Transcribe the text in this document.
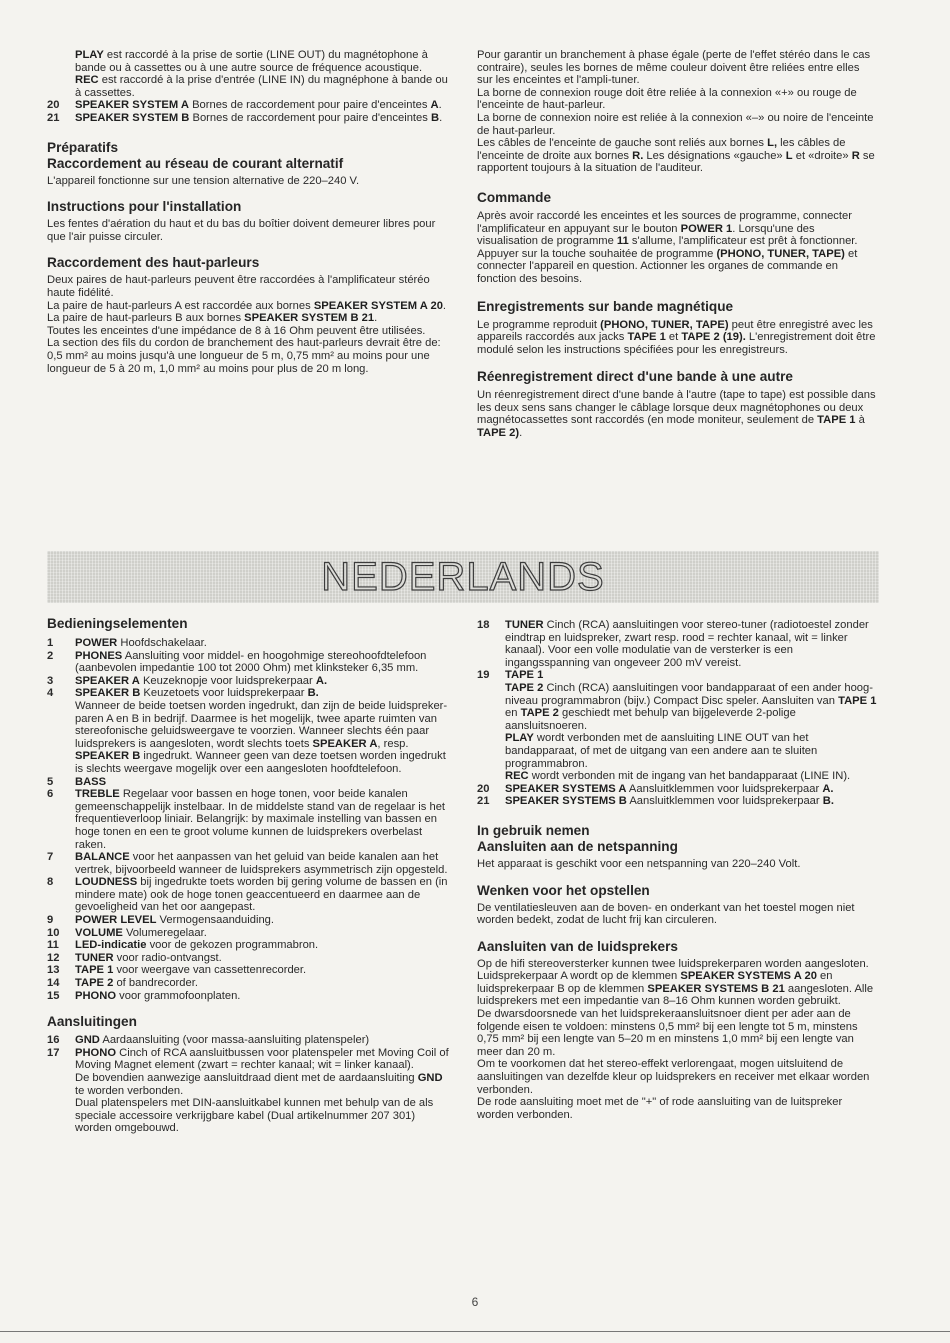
PLAY est raccordé à la prise de sortie (LINE OUT) du magnétophone à bande ou à cassettes ou à une autre source de fréquence acoustique.

REC est raccordé à la prise d'entrée (LINE IN) du magnéphone à bande ou à cassettes.

20	SPEAKER SYSTEM A Bornes de raccordement pour paire d'enceintes A.
21	SPEAKER SYSTEM B Bornes de raccordement pour paire d'enceintes B.

Préparatifs

Raccordement au réseau de courant alternatif

L'appareil fonctionne sur une tension alternative de 220–240 V.

Instructions pour l'installation

Les fentes d'aération du haut et du bas du boîtier doivent demeurer libres pour que l'air puisse circuler.

Raccordement des haut-parleurs

Deux paires de haut-parleurs peuvent être raccordées à l'amplificateur stéréo haute fidélité.

La paire de haut-parleurs A est raccordée aux bornes SPEAKER SYSTEM A 20.

La paire de haut-parleurs B aux bornes SPEAKER SYSTEM B 21.

Toutes les enceintes d'une impédance de 8 à 16 Ohm peuvent être utilisées.

La section des fils du cordon de branchement des haut-parleurs devrait être de: 0,5 mm² au moins jusqu'à une longueur de 5 m, 0,75 mm² au moins pour une longueur de 5 à 20 m, 1,0 mm² au moins pour plus de 20 m long.

Pour garantir un branchement à phase égale (perte de l'effet stéréo dans le cas contraire), seules les bornes de même couleur doivent être reliées entre elles sur les enceintes et l'ampli-tuner.

La borne de connexion rouge doit être reliée à la connexion «+» ou rouge de l'enceinte de haut-parleur.

La borne de connexion noire est reliée à la connexion «–» ou noire de l'enceinte de haut-parleur.

Les câbles de l'enceinte de gauche sont reliés aux bornes L, les câbles de l'enceinte de droite aux bornes R. Les désignations «gauche» L et «droite» R se rapportent toujours à la situation de l'auditeur.

Commande

Après avoir raccordé les enceintes et les sources de programme, connecter l'amplificateur en appuyant sur le bouton POWER 1. Lorsqu'une des visualisation de programme 11 s'allume, l'amplificateur est prêt à fonctionner. Appuyer sur la touche souhaitée de programme (PHONO, TUNER, TAPE) et connecter l'appareil en question. Actionner les organes de commande en fonction des besoins.

Enregistrements sur bande magnétique

Le programme reproduit (PHONO, TUNER, TAPE) peut être enregistré avec les appareils raccordés aux jacks TAPE 1 et TAPE 2 (19). L'enregistrement doit être modulé selon les instructions spécifiées pour les enregistreurs.

Réenregistrement direct d'une bande à une autre

Un réenregistrement direct d'une bande à l'autre (tape to tape) est possible dans les deux sens sans changer le câblage lorsque deux magnétophones ou deux magnétocassettes sont raccordés (en mode moniteur, seulement de TAPE 1 à TAPE 2).

NEDERLANDS

Bedieningselementen

1	POWER Hoofdschakelaar.
2	PHONES Aansluiting voor middel- en hoogohmige stereohoofdtelefoon (aanbevolen impedantie 100 tot 2000 Ohm) met klinksteker 6,35 mm.
3	SPEAKER A Keuzeknopje voor luidsprekerpaar A.
4	SPEAKER B Keuzetoets voor luidsprekerpaar B.

Wanneer de beide toetsen worden ingedrukt, dan zijn de beide luidspreker-paren A en B in bedrijf. Daarmee is het mogelijk, twee aparte ruimten van stereofonische geluidsweergave te voorzien. Wanneer slechts één paar luidsprekers is aangesloten, wordt slechts toets SPEAKER A, resp. SPEAKER B ingedrukt. Wanneer geen van deze toetsen worden ingedrukt is slechts weergave mogelijk over een aangesloten hoofdtelefoon.

5	BASS
6	TREBLE Regelaar voor bassen en hoge tonen, voor beide kanalen gemeenschappelijk instelbaar. In de middelste stand van de regelaar is het frequentieverloop liniair. Belangrijk: by maximale instelling van bassen en hoge tonen en een te groot volume kunnen de luidsprekers overbelast raken.
7	BALANCE voor het aanpassen van het geluid van beide kanalen aan het vertrek, bijvoorbeeld wanneer de luidsprekers asymmetrisch zijn opgesteld.
8	LOUDNESS bij ingedrukte toets worden bij gering volume de bassen en (in mindere mate) ook de hoge tonen geaccentueerd en daarmee aan de gevoeligheid van het oor aangepast.
9	POWER LEVEL Vermogensaanduiding.
10	VOLUME Volumeregelaar.
11	LED-indicatie voor de gekozen programmabron.
12	TUNER voor radio-ontvangst.
13	TAPE 1 voor weergave van cassettenrecorder.
14	TAPE 2 of bandrecorder.
15	PHONO voor grammofoonplaten.

Aansluitingen

16	GND Aardaansluiting (voor massa-aansluiting platenspeler)
17	PHONO Cinch of RCA aansluitbussen voor platenspeler met Moving Coil of Moving Magnet element (zwart = rechter kanaal; wit = linker kanaal).

De bovendien aanwezige aansluitdraad dient met de aardaansluiting GND te worden verbonden.

Dual platenspelers met DIN-aansluitkabel kunnen met behulp van de als speciale accessoire verkrijgbare kabel (Dual artikelnummer 207 301) worden omgebouwd.

18	TUNER Cinch (RCA) aansluitingen voor stereo-tuner (radiotoestel zonder eindtrap en luidspreker, zwart resp. rood = rechter kanaal, wit = linker kanaal). Voor een volle modulatie van de versterker is een ingangsspanning van ongeveer 200 mV vereist.
19	TAPE 1

TAPE 2 Cinch (RCA) aansluitingen voor bandapparaat of een ander hoog-niveau programmabron (bijv.) Compact Disc speler. Aansluiten van TAPE 1 en TAPE 2 geschiedt met behulp van bijgeleverde 2-polige aansluitsnoeren.

PLAY wordt verbonden met de aansluiting LINE OUT van het bandapparaat, of met de uitgang van een andere aan te sluiten programmabron.

REC wordt verbonden mit de ingang van het bandapparaat (LINE IN).

20	SPEAKER SYSTEMS A Aansluitklemmen voor luidsprekerpaar A.
21	SPEAKER SYSTEMS B Aansluitklemmen voor luidsprekerpaar B.

In gebruik nemen

Aansluiten aan de netspanning

Het apparaat is geschikt voor een netspanning van 220–240 Volt.

Wenken voor het opstellen

De ventilatiesleuven aan de boven- en onderkant van het toestel mogen niet worden bedekt, zodat de lucht frij kan circuleren.

Aansluiten van de luidsprekers

Op de hifi stereoversterker kunnen twee luidsprekerparen worden aangesloten.

Luidsprekerpaar A wordt op de klemmen SPEAKER SYSTEMS A 20 en luidsprekerpaar B op de klemmen SPEAKER SYSTEMS B 21 aangesloten. Alle luidsprekers met een impedantie van 8–16 Ohm kunnen worden gebruikt.

De dwarsdoorsnede van het luidsprekeraansluitsnoer dient per ader aan de folgende eisen te voldoen: minstens 0,5 mm² bij een lengte tot 5 m, minstens 0,75 mm² bij een lengte van 5–20 m en minstens 1,0 mm² bij een lengte van meer dan 20 m.

Om te voorkomen dat het stereo-effekt verlorengaat, mogen uitsluitend de aansluitingen van dezelfde kleur op luidsprekers en receiver met elkaar worden verbonden.

De rode aansluiting moet met de "+" of rode aansluiting van de luitspreker worden verbonden.

6
